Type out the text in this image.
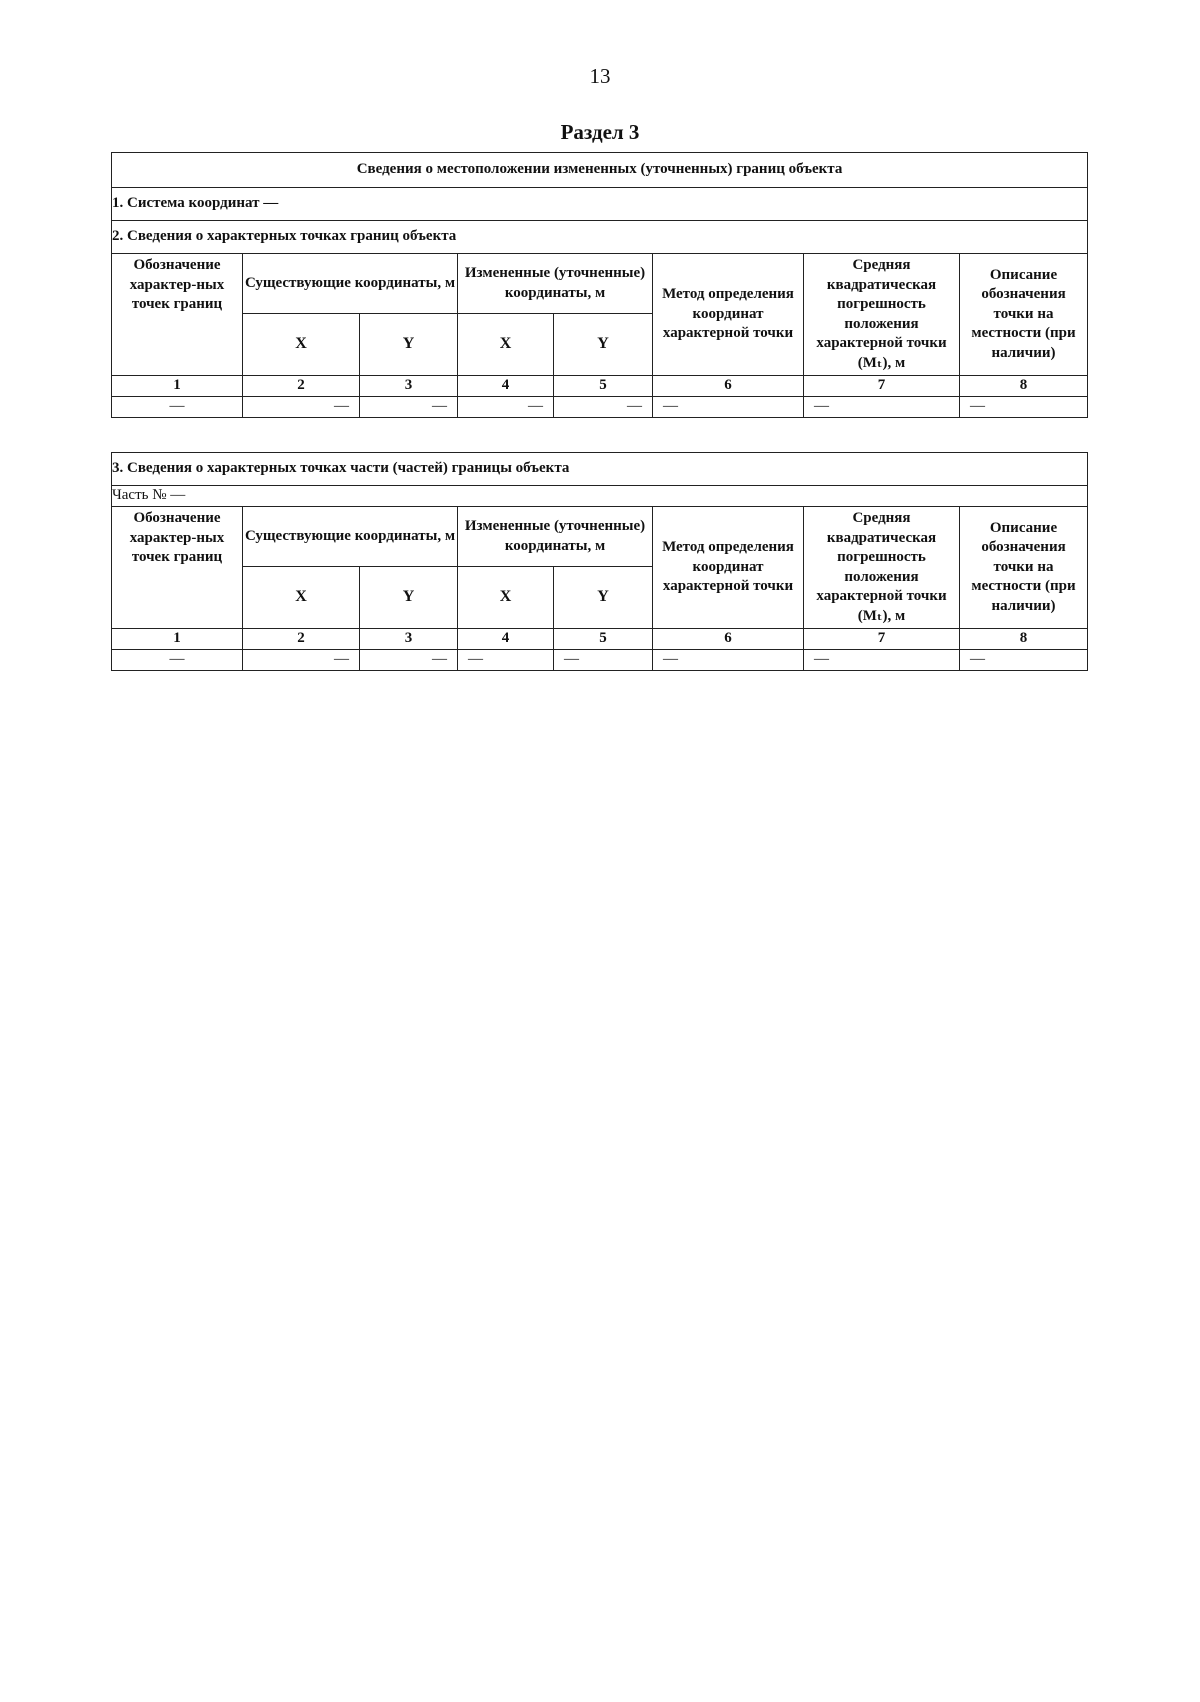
13
Раздел 3
Сведения о местоположении измененных (уточненных) границ объекта							
1. Система координат —							
2. Сведения о характерных точках границ объекта							
Обозначение характер-ных точек границ	Существующие координаты, м		Измененные (уточненные) координаты, м		Метод определения координат характерной точки	Средняя квадратическая погрешность положения характерной точки (Mₜ), м	Описание обозначения точки на местности (при наличии)
	X	Y	X	Y			
1	2	3	4	5	6	7	8

—	—	—	—	—	—	—	—
3. Сведения о характерных точках части (частей) границы объекта							
Часть № —							
Обозначение характер-ных точек границ	Существующие координаты, м		Измененные (уточненные) координаты, м		Метод определения координат характерной точки	Средняя квадратическая погрешность положения характерной точки (Mₜ), м	Описание обозначения точки на местности (при наличии)
	X	Y	X	Y			
1	2	3	4	5	6	7	8

—	—	—	—	—	—	—	—
